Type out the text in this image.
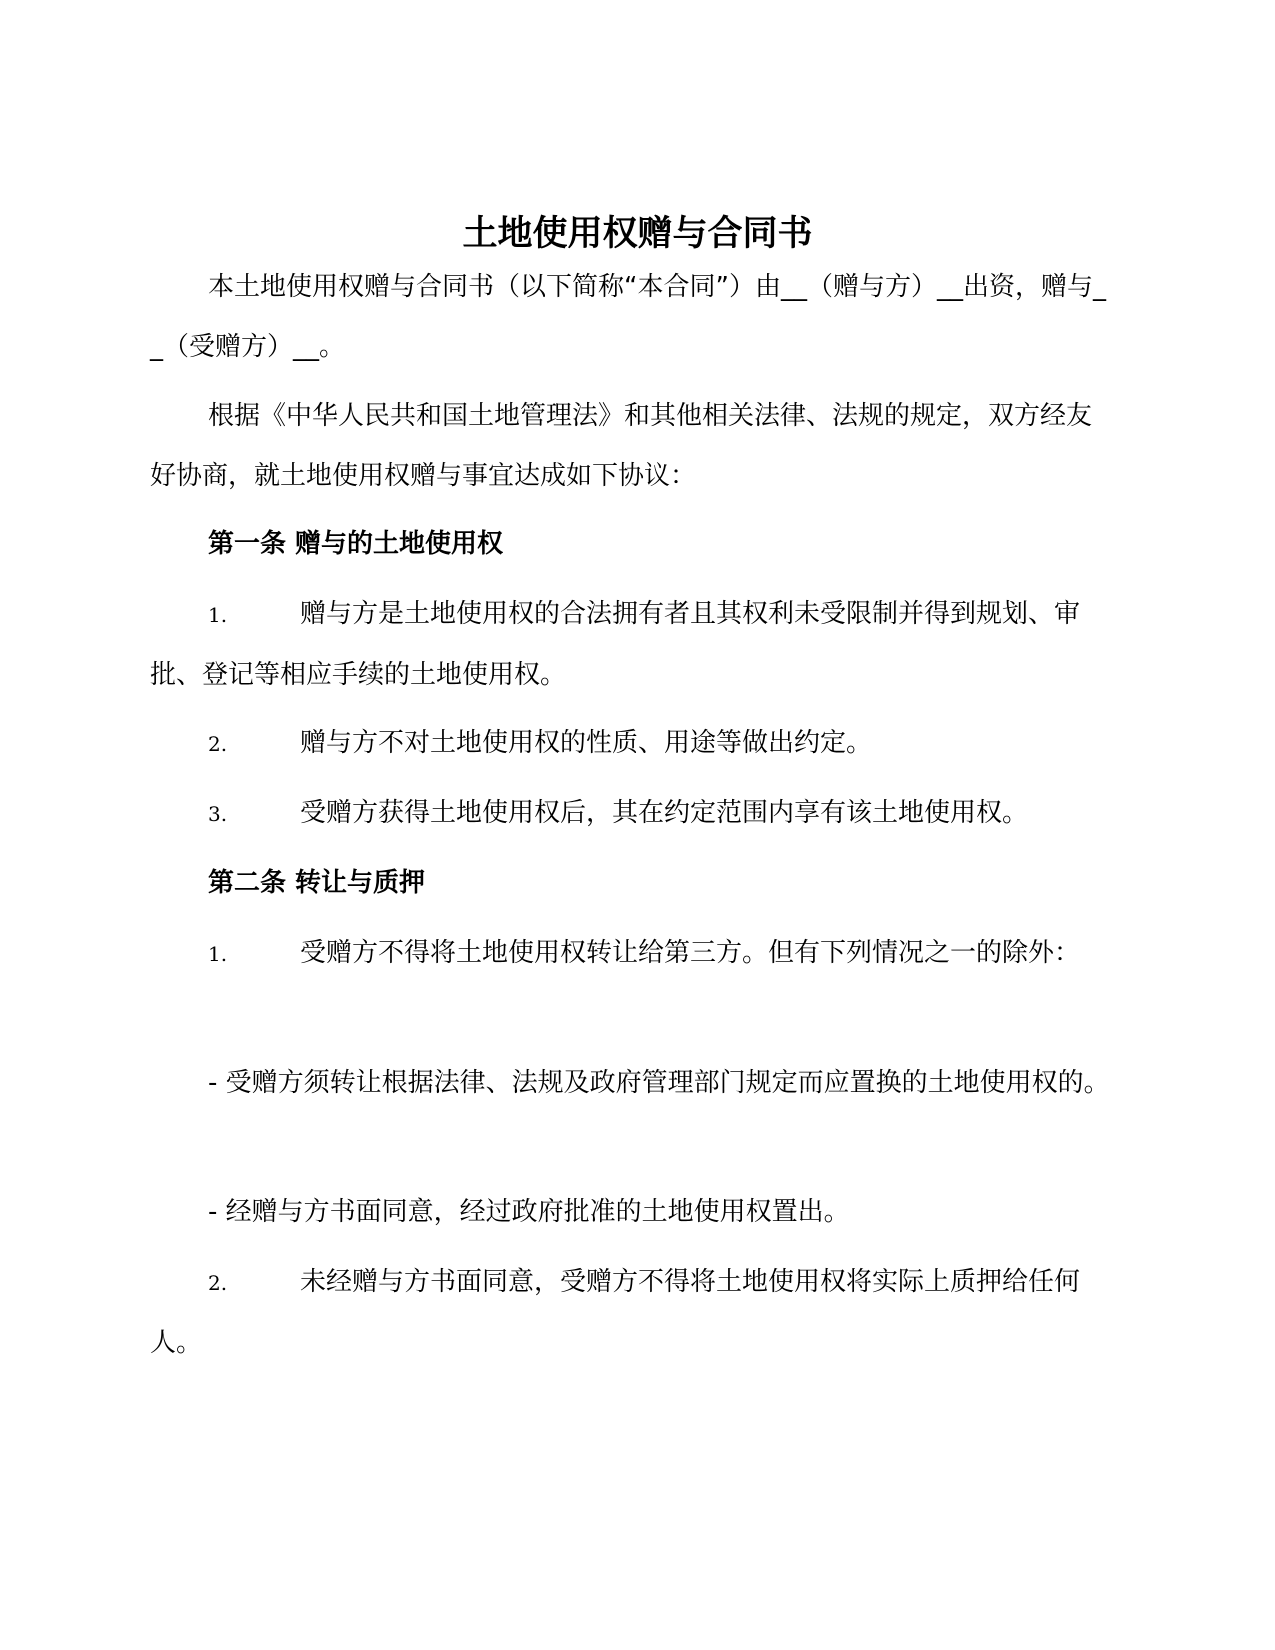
土地使用权赠与合同书
本土地使用权赠与合同书（以下简称“本合同”）由__（赠与方）__出资，赠与__（受赠方）__。
根据《中华人民共和国土地管理法》和其他相关法律、法规的规定，双方经友好协商，就土地使用权赠与事宜达成如下协议：
第一条 赠与的土地使用权
1.	赠与方是土地使用权的合法拥有者且其权利未受限制并得到规划、审批、登记等相应手续的土地使用权。
2.	赠与方不对土地使用权的性质、用途等做出约定。
3.	受赠方获得土地使用权后，其在约定范围内享有该土地使用权。
第二条 转让与质押
1.	受赠方不得将土地使用权转让给第三方。但有下列情况之一的除外：
- 受赠方须转让根据法律、法规及政府管理部门规定而应置换的土地使用权的。
- 经赠与方书面同意，经过政府批准的土地使用权置出。
2.	未经赠与方书面同意，受赠方不得将土地使用权将实际上质押给任何人。
